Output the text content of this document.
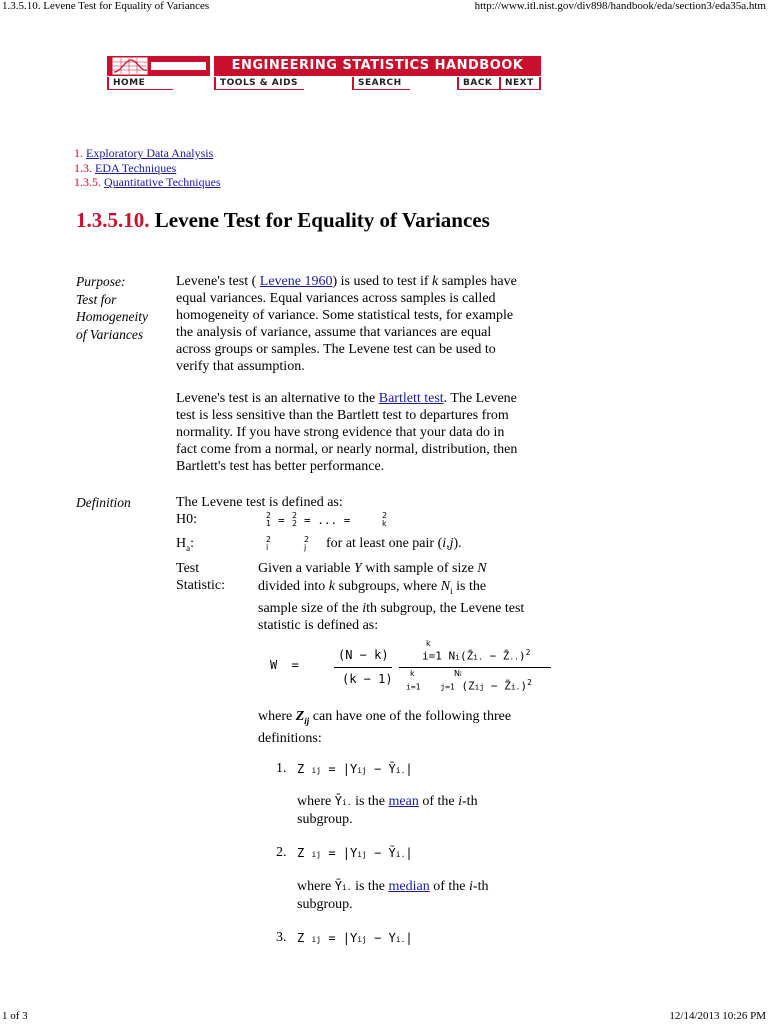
1.3.5.10. Levene Test for Equality of Variances	http://www.itl.nist.gov/div898/handbook/eda/section3/eda35a.htm
ENGINEERING STATISTICS HANDBOOK
HOME	TOOLS & AIDS	SEARCH	BACK	NEXT
1. Exploratory Data Analysis
1.3. EDA Techniques
1.3.5. Quantitative Techniques
1.3.5.10. Levene Test for Equality of Variances
Purpose:
Test for
Homogeneity
of Variances
Levene's test ( Levene 1960) is used to test if k samples have
equal variances. Equal variances across samples is called
homogeneity of variance. Some statistical tests, for example
the analysis of variance, assume that variances are equal
across groups or samples. The Levene test can be used to
verify that assumption.
Levene's test is an alternative to the Bartlett test. The Levene
test is less sensitive than the Bartlett test to departures from
normality. If you have strong evidence that your data do in
fact come from a normal, or nearly normal, distribution, then
Bartlett's test has better performance.
Definition	The Levene test is defined as:
H0:	2
1 = 2
2 = ... =	2
k
$H_a$:	2
i
2
j for at least one pair (i,j).
Test
Statistic:
Given a variable Y with sample of size N
divided into k subgroups, where $N_i$ is the
sample size of the ith subgroup, the Levene test
statistic is defined as:
W  =
(N − k)
(k − 1)
k
i=1 Ni(Z̄i. − Z̄..)$^2$
k	Ni
i=1 j=1 (Zij − Z̄i.)$^2$
where $Z_{ij}$ can have one of the following three
definitions:
1. Z ij = |Yij − Ȳi.|
where Ȳi. is the mean of the i-th
subgroup.
2. Z ij = |Yij − Ỹi.|
where Ỹi. is the median of the i-th
subgroup.
3. Z ij = |Yij − Yi.|
1 of 3	12/14/2013 10:26 PM
